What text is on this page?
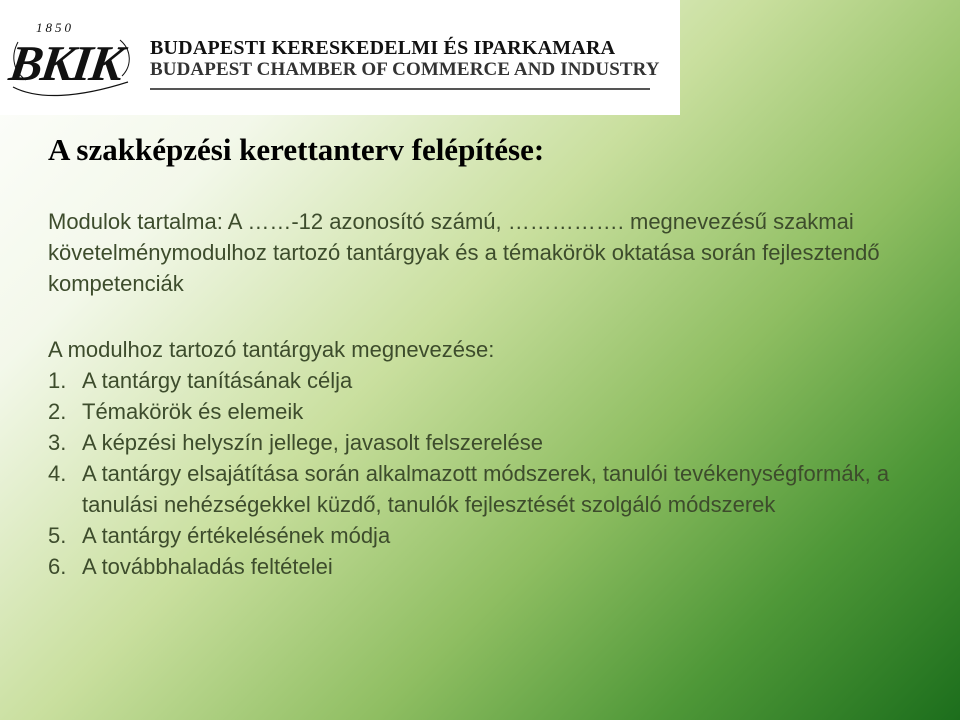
1850
BKIK BUDAPESTI KERESKEDELMI ÉS IPARKAMARA
BUDAPEST CHAMBER OF COMMERCE AND INDUSTRY
A szakképzési kerettanterv felépítése:

Modulok tartalma: A ……-12 azonosító számú, ……………. megnevezésű szakmai követelménymodulhoz tartozó tantárgyak és a témakörök oktatása során fejlesztendő kompetenciák

A modulhoz tartozó tantárgyak megnevezése:

1. A tantárgy tanításának célja
2. Témakörök és elemeik
3. A képzési helyszín jellege, javasolt felszerelése
4. A tantárgy elsajátítása során alkalmazott módszerek, tanulói tevékenységformák, a tanulási nehézségekkel küzdő, tanulók fejlesztését szolgáló módszerek
5. A tantárgy értékelésének módja
6. A továbbhaladás feltételei
